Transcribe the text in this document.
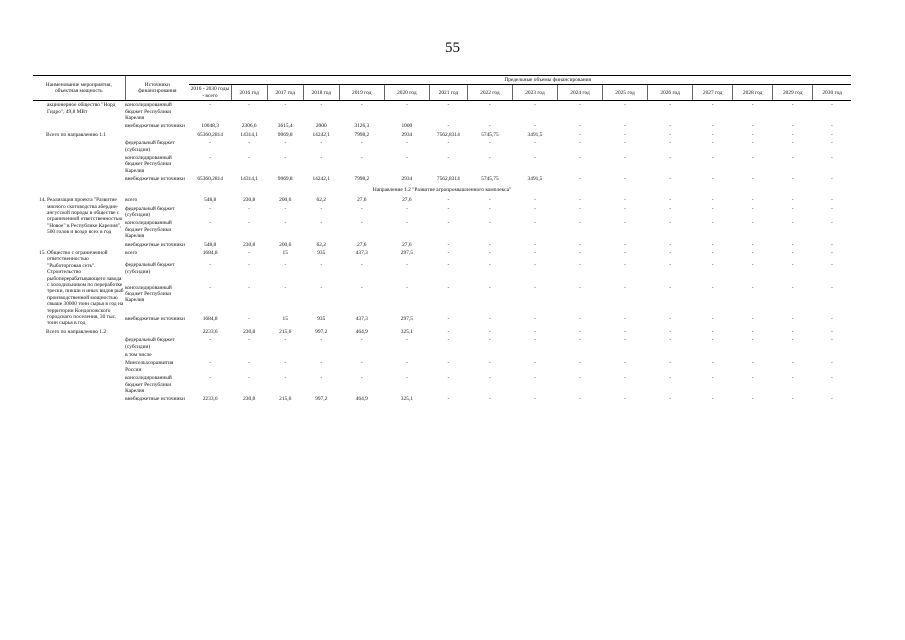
55
Наименование мероприятия, объектная мощность		Источники финансирования	Предельные объемы финансирования															
			2016 - 2030 годы - всего	2016 год	2017 год	2018 год	2019 год	2020 год	2021 год	2022 год	2023 год	2024 год	2025 год	2026 год	2027 год	2028 год	2029 год	2030 год
	акционерное общество "Норд Гидро", 49,8 МВт	консолидированный бюджет Республики Карелия	-	-	-	-	-	-	-	-	-	-	-	-	-	-	-	-
		внебюджетные источники	10048,3	2306,6	3615,4	2000	3126,3	1000	-	-	-	-	-	-	-	-	-	-
Всего по направлению 1.1			65360,2814	14314,1	9069,8	14242,1	7998,2	2934	7562,8314	5745,75	3491,5	-	-	-	-	-	-	-
		федеральный бюджет (субсидии)	-	-	-	-	-	-	-	-	-	-	-	-	-	-	-	-
		консолидированный бюджет Республики Карелия	-	-	-	-	-	-	-	-	-	-	-	-	-	-	-	-
		внебюджетные источники	65360,2814	14314,1	9069,8	14242,1	7998,2	2934	7562,8314	5745,75	3491,5	-	-	-	-	-	-	-
Направление 1.2 "Развитие агропромышленного комплекса"																		
14.	Реализация проекта "Развитие мясного скотоводства абердин-ангусской породы в обществе с ограниченной ответственностью "Новое" в Республике Карелия", 500 голов и воздо всех в год	всего	548,8	230,8	200,6	62,2	27,6	27,6	-	-	-	-	-	-	-	-	-	-
		федеральный бюджет (субсидии)	-	-	-	-	-	-	-	-	-	-	-	-	-	-	-	-
		консолидированный бюджет Республики Карелия	-	-	-	-	-	-	-	-	-	-	-	-	-	-	-	-
		внебюджетные источники	548,8	230,8	200,6	62,2	27,6	27,6	-	-	-	-	-	-	-	-	-	-
15.	Общество с ограниченной ответственностью "Рыботорговая сеть". Строительство рыбоперерабатывающего завода с холодильником по переработке трески, пикши и иных видов рыб производственной мощностью свыше 30000 тонн сырья в год на территории Кондопожского городского поселения, 30 тыс. тонн сырья в год	всего	1684,8	-	15	935	437,3	297,5	-	-	-	-	-	-	-	-	-	-
		федеральный бюджет (субсидии)	-	-	-	-	-	-	-	-	-	-	-	-	-	-	-	-
		консолидированный бюджет Республики Карелия	-	-	-	-	-	-	-	-	-	-	-	-	-	-	-	-
		внебюджетные источники	1684,8	-	15	935	437,3	297,5	-	-	-	-	-	-	-	-	-	-
Всего по направлению 1.2			2233,6	230,8	215,6	997,2	464,9	325,1	-	-	-	-	-	-	-	-	-	-
		федеральный бюджет (субсидии)	-	-	-	-	-	-	-	-	-	-	-	-	-	-	-	-
		в том числе																
		Минсельхозразвития России	-	-	-	-	-	-	-	-	-	-	-	-	-	-	-	-
		консолидированный бюджет Республики Карелия	-	-	-	-	-	-	-	-	-	-	-	-	-	-	-	-
		внебюджетные источники	2233,6	230,8	215,6	997,2	464,9	325,1	-	-	-	-	-	-	-	-	-	-
